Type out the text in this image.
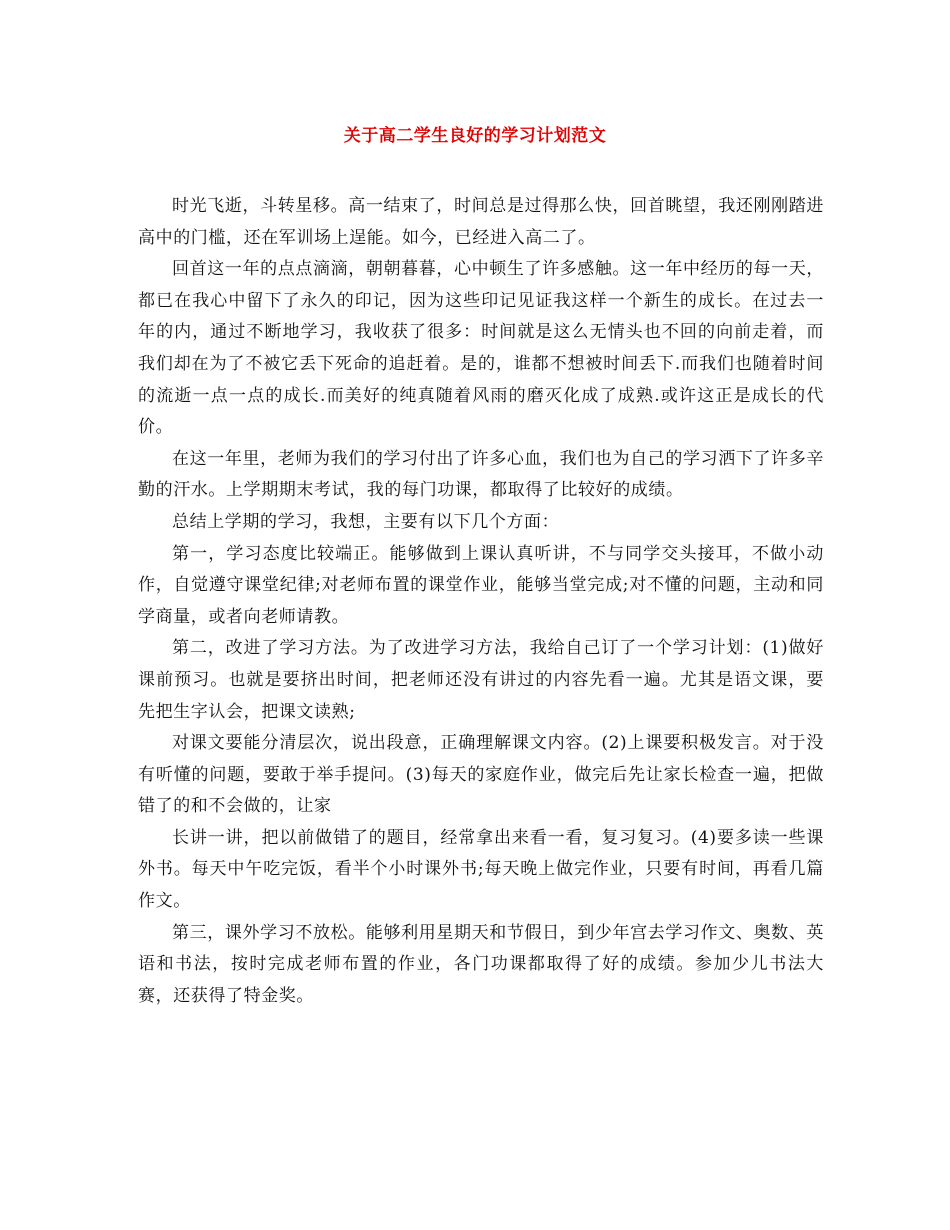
关于高二学生良好的学习计划范文

时光飞逝，斗转星移。高一结束了，时间总是过得那么快，回首眺望，我还刚刚踏进高中的门槛，还在军训场上逞能。如今，已经进入高二了。

回首这一年的点点滴滴，朝朝暮暮，心中顿生了许多感触。这一年中经历的每一天，都已在我心中留下了永久的印记，因为这些印记见证我这样一个新生的成长。在过去一年的内，通过不断地学习，我收获了很多：时间就是这么无情头也不回的向前走着，而我们却在为了不被它丢下死命的追赶着。是的，谁都不想被时间丢下.而我们也随着时间的流逝一点一点的成长.而美好的纯真随着风雨的磨灭化成了成熟.或许这正是成长的代价。

在这一年里，老师为我们的学习付出了许多心血，我们也为自己的学习洒下了许多辛勤的汗水。上学期期末考试，我的每门功课，都取得了比较好的成绩。

总结上学期的学习，我想，主要有以下几个方面：

第一，学习态度比较端正。能够做到上课认真听讲，不与同学交头接耳，不做小动作，自觉遵守课堂纪律;对老师布置的课堂作业，能够当堂完成;对不懂的问题，主动和同学商量，或者向老师请教。

第二，改进了学习方法。为了改进学习方法，我给自己订了一个学习计划：(1)做好课前预习。也就是要挤出时间，把老师还没有讲过的内容先看一遍。尤其是语文课，要先把生字认会，把课文读熟;

对课文要能分清层次，说出段意，正确理解课文内容。(2)上课要积极发言。对于没有听懂的问题，要敢于举手提问。(3)每天的家庭作业，做完后先让家长检查一遍，把做错了的和不会做的，让家

长讲一讲，把以前做错了的题目，经常拿出来看一看，复习复习。(4)要多读一些课外书。每天中午吃完饭，看半个小时课外书;每天晚上做完作业，只要有时间，再看几篇作文。

第三，课外学习不放松。能够利用星期天和节假日，到少年宫去学习作文、奥数、英语和书法，按时完成老师布置的作业，各门功课都取得了好的成绩。参加少儿书法大赛，还获得了特金奖。
